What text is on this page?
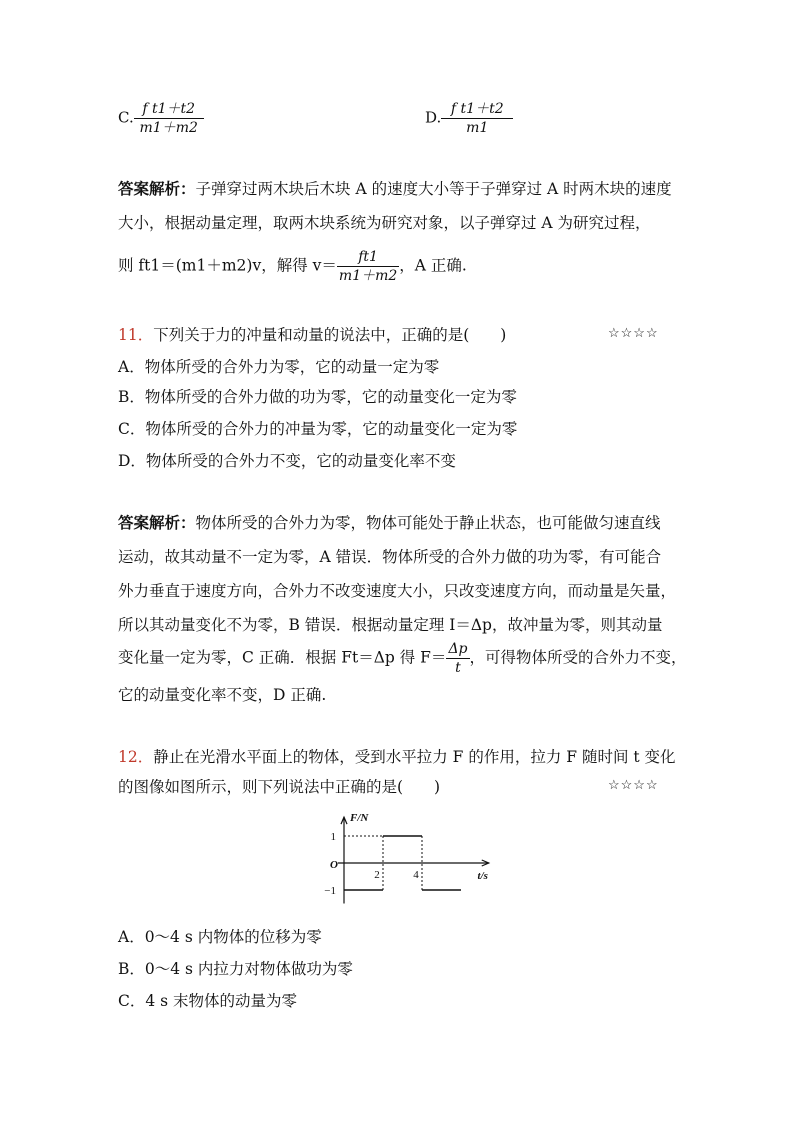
C. $\frac{\text{f t1＋t2}}{m1+m2}$	D. $\frac{\text{f t1＋t2}}{m1}$
答案解析：子弹穿过两木块后木块 A 的速度大小等于子弹穿过 A 时两木块的速度
大小，根据动量定理，取两木块系统为研究对象，以子弹穿过 A 为研究过程，
则 ft1＝(m1＋m2)v，解得 $v= \frac{ft1}{m1+m2}$ ，A 正确.
11．下列关于力的冲量和动量的说法中，正确的是(　　)	☆☆☆☆
A．物体所受的合外力为零，它的动量一定为零
B．物体所受的合外力做的功为零，它的动量变化一定为零
C．物体所受的合外力的冲量为零，它的动量变化一定为零
D．物体所受的合外力不变，它的动量变化率不变
答案解析：物体所受的合外力为零，物体可能处于静止状态，也可能做匀速直线
运动，故其动量不一定为零，A 错误．物体所受的合外力做的功为零，有可能合
外力垂直于速度方向，合外力不改变速度大小，只改变速度方向，而动量是矢量，
所以其动量变化不为零，B 错误．根据动量定理 I＝Δp，故冲量为零，则其动量
变化量一定为零，C 正确．根据 Ft＝Δp 得 $F= \frac{\Delta p}{t}$ ，可得物体所受的合外力不变，
它的动量变化率不变，D 正确.
12．静止在光滑水平面上的物体，受到水平拉力 F 的作用，拉力 F 随时间 t 变化
的图像如图所示，则下列说法中正确的是(　　)	☆☆☆☆
F/N
t/s
O
1
−1
2	4
A．0～4 s 内物体的位移为零
B．0～4 s 内拉力对物体做功为零
C．4 s 末物体的动量为零
